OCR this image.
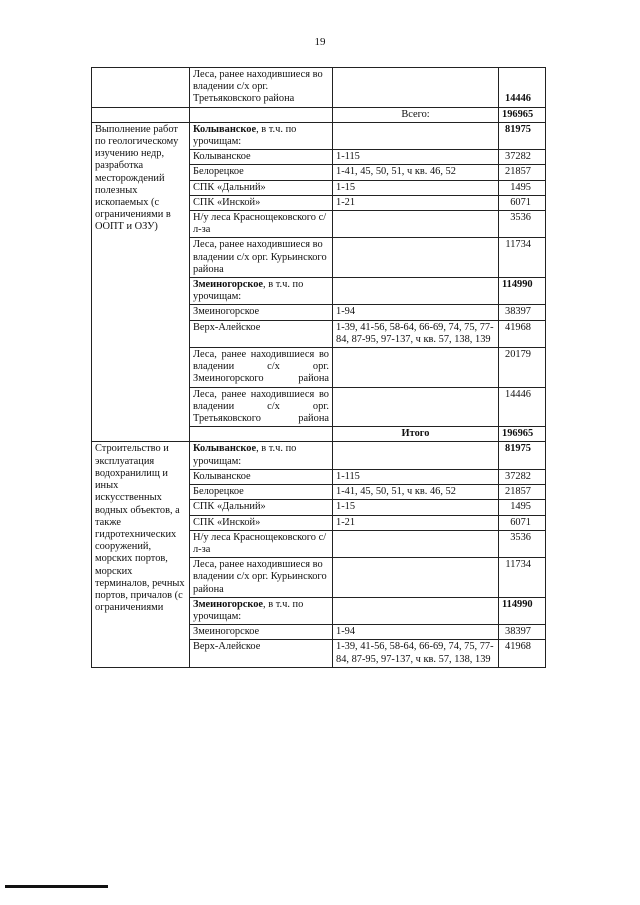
19
	Леса, ранее находившиеся во владении с/х орг. Третьяковского района		14446
		Всего:	196965
Выполнение работ по геологическому изучению недр, разработка месторождений полезных ископаемых (с ограничениями в ООПТ и ОЗУ)	Колыванское, в т.ч. по урочищам:		81975
	Колыванское	1-115	37282
	Белорецкое	1-41, 45, 50, 51, ч кв. 46, 52	21857
	СПК «Дальний»	1-15	1495
	СПК «Инской»	1-21	6071
	Н/у леса Краснощековского с/л-за		3536
	Леса, ранее находившиеся во владении с/х орг. Курьинского района		11734
	Змеиногорское, в т.ч. по урочищам:		114990
	Змеиногорское	1-94	38397
	Верх-Алейское	1-39, 41-56, 58-64, 66-69, 74, 75, 77-84, 87-95, 97-137, ч кв. 57, 138, 139	41968
	Леса, ранее находившиеся во владении с/х орг. Змеиногорского района		20179
	Леса, ранее находившиеся во владении с/х орг. Третьяковского района		14446
		Итого	196965
Строительство и эксплуатация водохранилищ и иных искусственных водных объектов, а также гидротехнических сооружений, морских портов, морских терминалов, речных портов, причалов (с ограничениями	Колыванское, в т.ч. по урочищам:		81975
	Колыванское	1-115	37282
	Белорецкое	1-41, 45, 50, 51, ч кв. 46, 52	21857
	СПК «Дальний»	1-15	1495
	СПК «Инской»	1-21	6071
	Н/у леса Краснощековского с/л-за		3536
	Леса, ранее находившиеся во владении с/х орг. Курьинского района		11734
	Змеиногорское, в т.ч. по урочищам:		114990
	Змеиногорское	1-94	38397
	Верх-Алейское	1-39, 41-56, 58-64, 66-69, 74, 75, 77-84, 87-95, 97-137, ч кв. 57, 138, 139	41968
